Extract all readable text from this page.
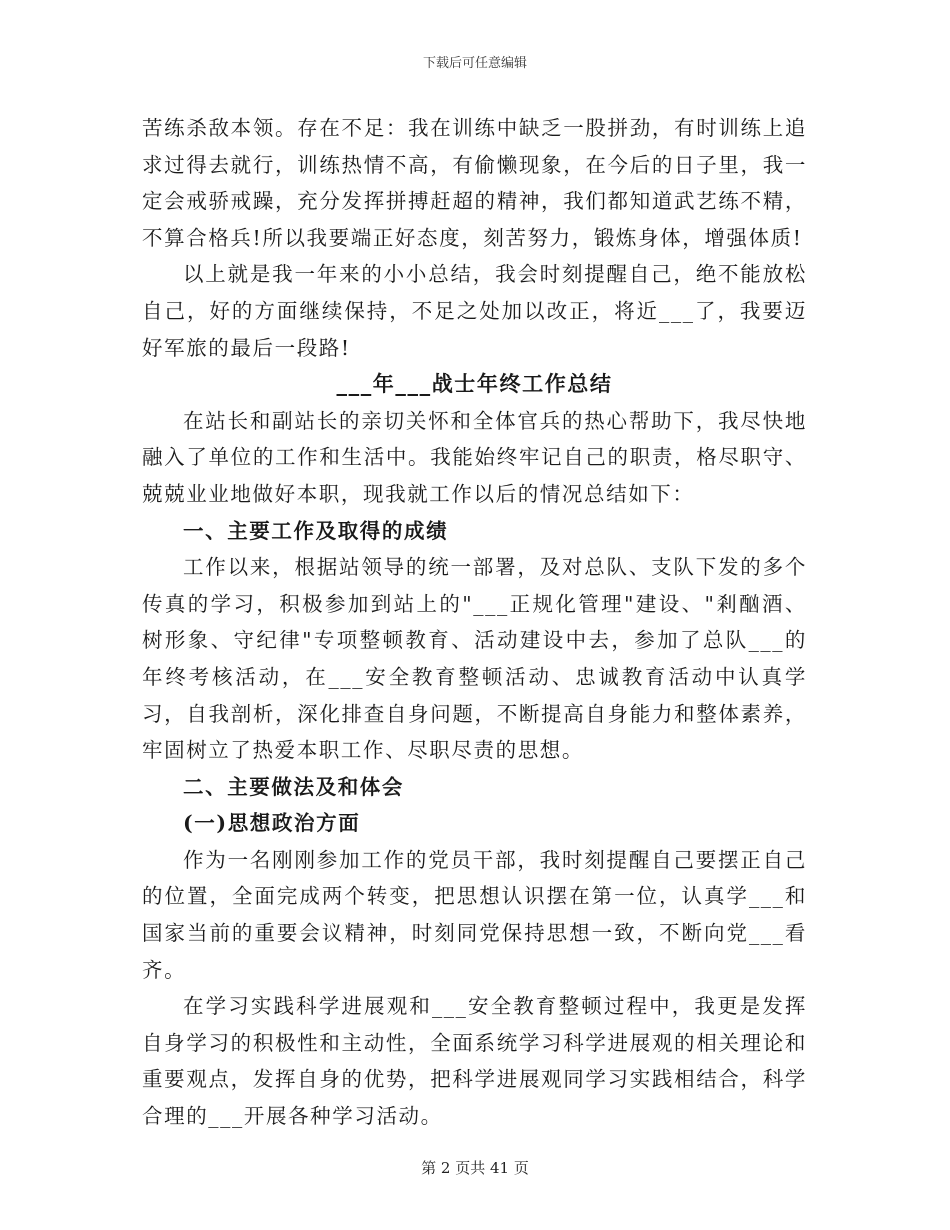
下载后可任意编辑

苦练杀敌本领。存在不足：我在训练中缺乏一股拼劲，有时训练上追求过得去就行，训练热情不高，有偷懒现象，在今后的日子里，我一定会戒骄戒躁，充分发挥拼搏赶超的精神，我们都知道武艺练不精，不算合格兵!所以我要端正好态度，刻苦努力，锻炼身体，增强体质!

以上就是我一年来的小小总结，我会时刻提醒自己，绝不能放松自己，好的方面继续保持，不足之处加以改正，将近___了，我要迈好军旅的最后一段路!

___年___战士年终工作总结

在站长和副站长的亲切关怀和全体官兵的热心帮助下，我尽快地融入了单位的工作和生活中。我能始终牢记自己的职责，格尽职守、兢兢业业地做好本职，现我就工作以后的情况总结如下：

一、主要工作及取得的成绩

工作以来，根据站领导的统一部署，及对总队、支队下发的多个传真的学习，积极参加到站上的"___正规化管理"建设、"剎酗酒、树形象、守纪律"专项整顿教育、活动建设中去，参加了总队___的年终考核活动，在___安全教育整顿活动、忠诚教育活动中认真学习，自我剖析，深化排查自身问题，不断提高自身能力和整体素养，牢固树立了热爱本职工作、尽职尽责的思想。

二、主要做法及和体会

(一)思想政治方面

作为一名刚刚参加工作的党员干部，我时刻提醒自己要摆正自己的位置，全面完成两个转变，把思想认识摆在第一位，认真学___和国家当前的重要会议精神，时刻同党保持思想一致，不断向党___看齐。

在学习实践科学进展观和___安全教育整顿过程中，我更是发挥自身学习的积极性和主动性，全面系统学习科学进展观的相关理论和重要观点，发挥自身的优势，把科学进展观同学习实践相结合，科学合理的___开展各种学习活动。

第 2 页共 41 页
